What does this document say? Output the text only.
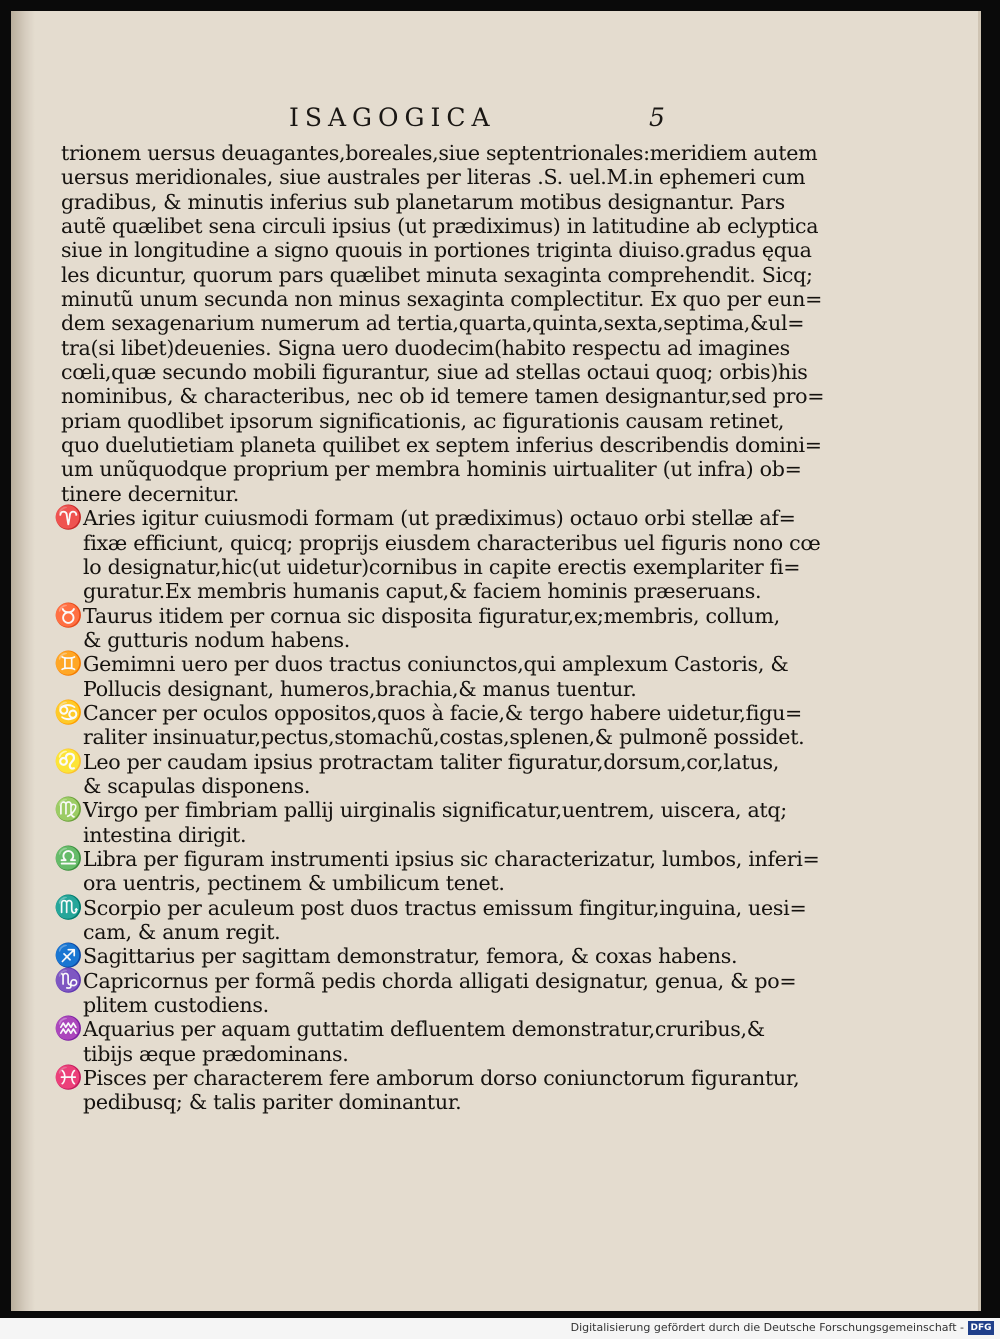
ISAGOGICA	5
trionem uersus deuagantes,boreales,siue septentrionales:meridiem autem
uersus meridionales, siue australes per literas .S. uel.M.in ephemeri cum
gradibus, & minutis inferius sub planetarum motibus designantur. Pars
autẽ quælibet sena circuli ipsius (ut prædiximus) in latitudine ab eclyptica
siue in longitudine a signo quouis in portiones triginta diuiso.gradus ęqua
les dicuntur, quorum pars quælibet minuta sexaginta comprehendit. Sicq;
minutũ unum secunda non minus sexaginta complectitur. Ex quo per eun=
dem sexagenarium numerum ad tertia,quarta,quinta,sexta,septima,&ul=
tra(si libet)deuenies. Signa uero duodecim(habito respectu ad imagines
cœli,quæ secundo mobili figurantur, siue ad stellas octaui quoq; orbis)his
nominibus, & characteribus, nec ob id temere tamen designantur,sed pro=
priam quodlibet ipsorum significationis, ac figurationis causam retinet,
quo duelutietiam planeta quilibet ex septem inferius describendis domini=
um unũquodque proprium per membra hominis uirtualiter (ut infra) ob=
tinere decernitur.
♈ Aries igitur cuiusmodi formam (ut prædiximus) octauo orbi stellæ af=
fixæ efficiunt, quicq; proprijs eiusdem characteribus uel figuris nono cœ
lo designatur,hic(ut uidetur)cornibus in capite erectis exemplariter fi=
guratur.Ex membris humanis caput,& faciem hominis præseruans.
♉ Taurus itidem per cornua sic disposita figuratur,ex;membris, collum,
& gutturis nodum habens.
♊ Gemimni uero per duos tractus coniunctos,qui amplexum Castoris, &
Pollucis designant, humeros,brachia,& manus tuentur.
♋ Cancer per oculos oppositos,quos à facie,& tergo habere uidetur,figu=
raliter insinuatur,pectus,stomachũ,costas,splenen,& pulmonẽ possidet.
♌ Leo per caudam ipsius protractam taliter figuratur,dorsum,cor,latus,
& scapulas disponens.
♍ Virgo per fimbriam pallij uirginalis significatur,uentrem, uiscera, atq;
intestina dirigit.
♎ Libra per figuram instrumenti ipsius sic characterizatur, lumbos, inferi=
ora uentris, pectinem & umbilicum tenet.
♏ Scorpio per aculeum post duos tractus emissum fingitur,inguina, uesi=
cam, & anum regit.
♐ Sagittarius per sagittam demonstratur, femora, & coxas habens.
♑ Capricornus per formã pedis chorda alligati designatur, genua, & po=
plitem custodiens.
♒ Aquarius per aquam guttatim defluentem demonstratur,cruribus,&
tibijs æque prædominans.
♓ Pisces per characterem fere amborum dorso coniunctorum figurantur,
pedibusq; & talis pariter dominantur.
Digitalisierung gefördert durch die Deutsche Forschungsgemeinschaft - DFG
